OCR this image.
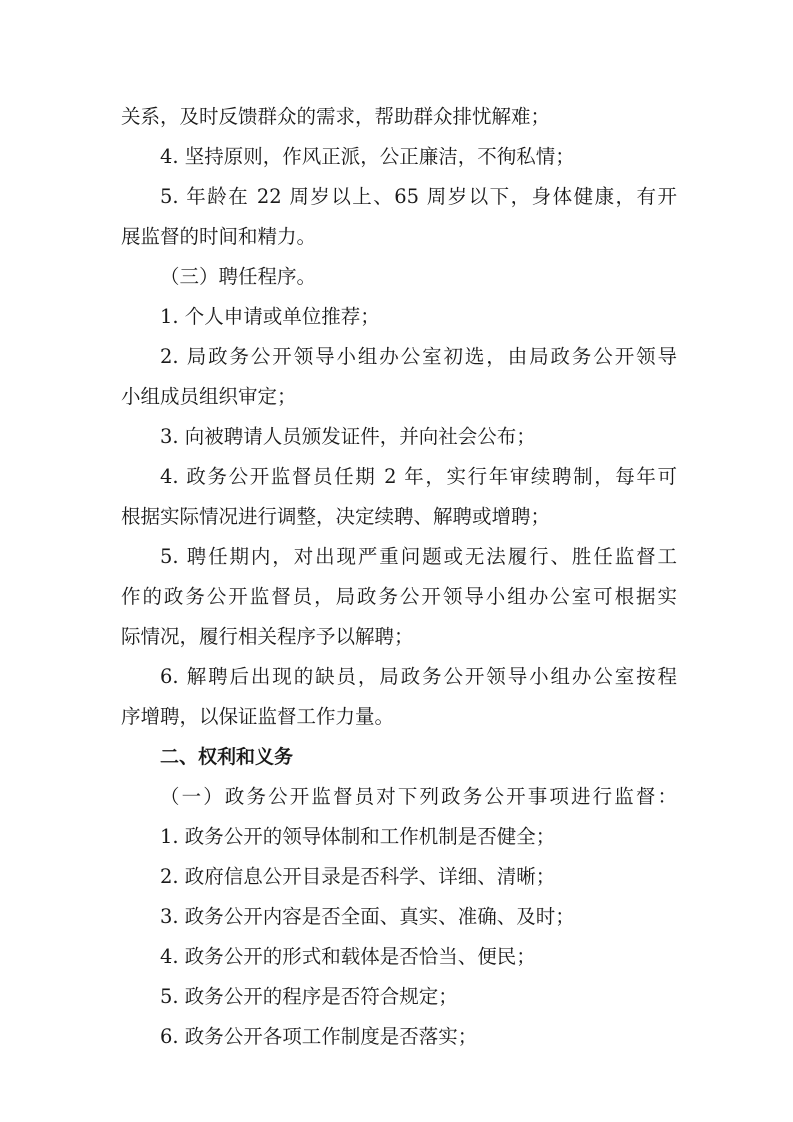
关系，及时反馈群众的需求，帮助群众排忧解难；
4. 坚持原则，作风正派，公正廉洁，不徇私情；
5. 年龄在 22 周岁以上、65 周岁以下，身体健康，有开
展监督的时间和精力。
（三）聘任程序。
1. 个人申请或单位推荐；
2. 局政务公开领导小组办公室初选，由局政务公开领导
小组成员组织审定；
3. 向被聘请人员颁发证件，并向社会公布；
4. 政务公开监督员任期 2 年，实行年审续聘制，每年可
根据实际情况进行调整，决定续聘、解聘或增聘；
5. 聘任期内，对出现严重问题或无法履行、胜任监督工
作的政务公开监督员，局政务公开领导小组办公室可根据实
际情况，履行相关程序予以解聘；
6. 解聘后出现的缺员，局政务公开领导小组办公室按程
序增聘，以保证监督工作力量。
二、权利和义务
（一）政务公开监督员对下列政务公开事项进行监督：
1. 政务公开的领导体制和工作机制是否健全；
2. 政府信息公开目录是否科学、详细、清晰；
3. 政务公开内容是否全面、真实、准确、及时；
4. 政务公开的形式和载体是否恰当、便民；
5. 政务公开的程序是否符合规定；
6. 政务公开各项工作制度是否落实；
